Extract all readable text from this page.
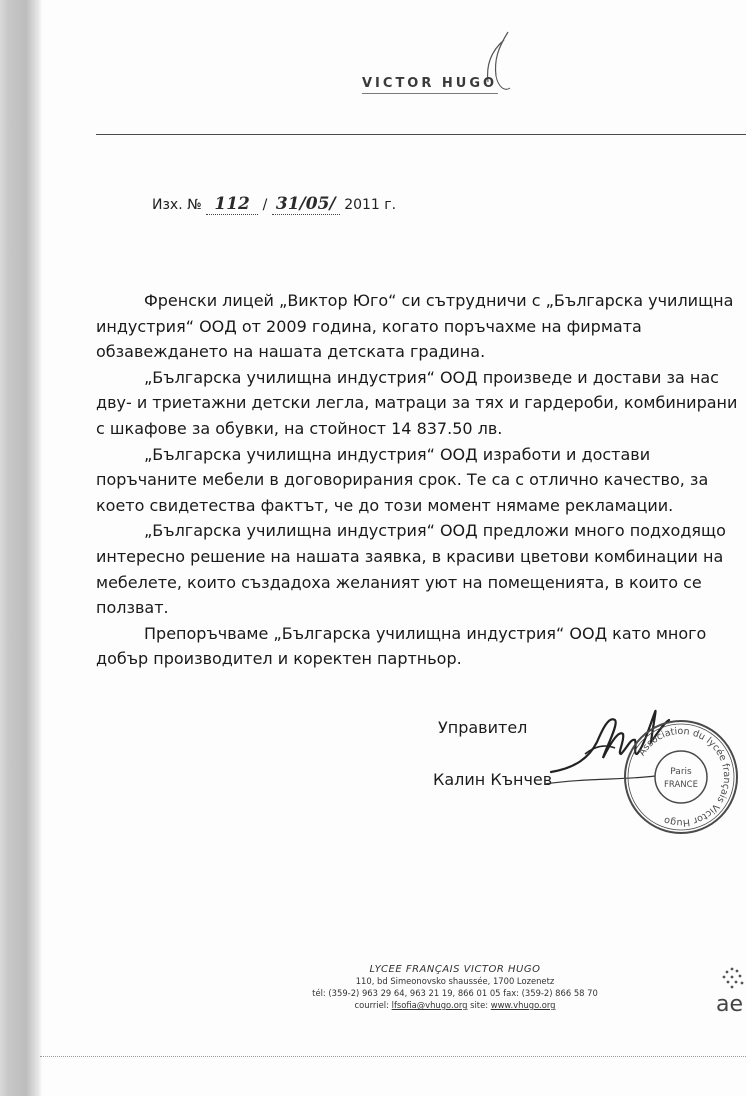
VICTOR HUGO
Изх. № 112 / 31/05/ 2011 г.
Френски лицей „Виктор Юго“ си сътрудничи с „Българска училищна
индустрия“ ООД от 2009 година, когато поръчахме на фирмата
обзавеждането на нашата детската градина.
„Българска училищна индустрия“ ООД произведе и достави за нас
дву- и триетажни детски легла, матраци за тях и гардероби, комбинирани
с шкафове за обувки, на стойност 14 837.50 лв.
„Българска училищна индустрия“ ООД изработи и достави
поръчаните мебели в договорирания срок. Те са с отлично качество, за
което свидетества фактът, че до този момент нямаме рекламации.
„Българска училищна индустрия“ ООД предложи много подходящо
интересно решение на нашата заявка, в красиви цветови комбинации на
мебелете, които създадоха желаният уют на помещенията, в които се
ползват.
Препоръчваме „Българска училищна индустрия“ ООД като много
добър производител и коректен партньор.
Управител
Калин Кънчев
Association du lycée français Victor Hugo
Paris
FRANCE
LYCEE FRANÇAIS VICTOR HUGO
110, bd Simeonovsko shaussée, 1700 Lozenetz
tél: (359-2) 963 29 64, 963 21 19, 866 01 05 fax: (359-2) 866 58 70
courriel: lfsofia@vhugo.org site: www.vhugo.org	ae
